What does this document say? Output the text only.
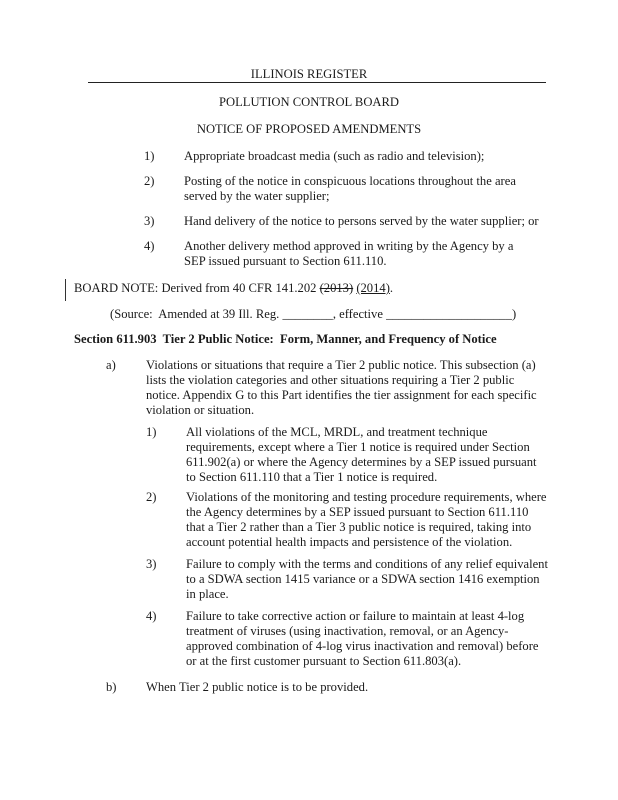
ILLINOIS REGISTER
POLLUTION CONTROL BOARD
NOTICE OF PROPOSED AMENDMENTS
1) Appropriate broadcast media (such as radio and television);
2) Posting of the notice in conspicuous locations throughout the area served by the water supplier;
3) Hand delivery of the notice to persons served by the water supplier; or
4) Another delivery method approved in writing by the Agency by a SEP issued pursuant to Section 611.110.
BOARD NOTE: Derived from 40 CFR 141.202 (2013) (2014).
(Source:  Amended at 39 Ill. Reg. ________, effective ____________________)
Section 611.903  Tier 2 Public Notice:  Form, Manner, and Frequency of Notice
a) Violations or situations that require a Tier 2 public notice. This subsection (a) lists the violation categories and other situations requiring a Tier 2 public notice. Appendix G to this Part identifies the tier assignment for each specific violation or situation.
1) All violations of the MCL, MRDL, and treatment technique requirements, except where a Tier 1 notice is required under Section 611.902(a) or where the Agency determines by a SEP issued pursuant to Section 611.110 that a Tier 1 notice is required.
2) Violations of the monitoring and testing procedure requirements, where the Agency determines by a SEP issued pursuant to Section 611.110 that a Tier 2 rather than a Tier 3 public notice is required, taking into account potential health impacts and persistence of the violation.
3) Failure to comply with the terms and conditions of any relief equivalent to a SDWA section 1415 variance or a SDWA section 1416 exemption in place.
4) Failure to take corrective action or failure to maintain at least 4-log treatment of viruses (using inactivation, removal, or an Agency-approved combination of 4-log virus inactivation and removal) before or at the first customer pursuant to Section 611.803(a).
b) When Tier 2 public notice is to be provided.
